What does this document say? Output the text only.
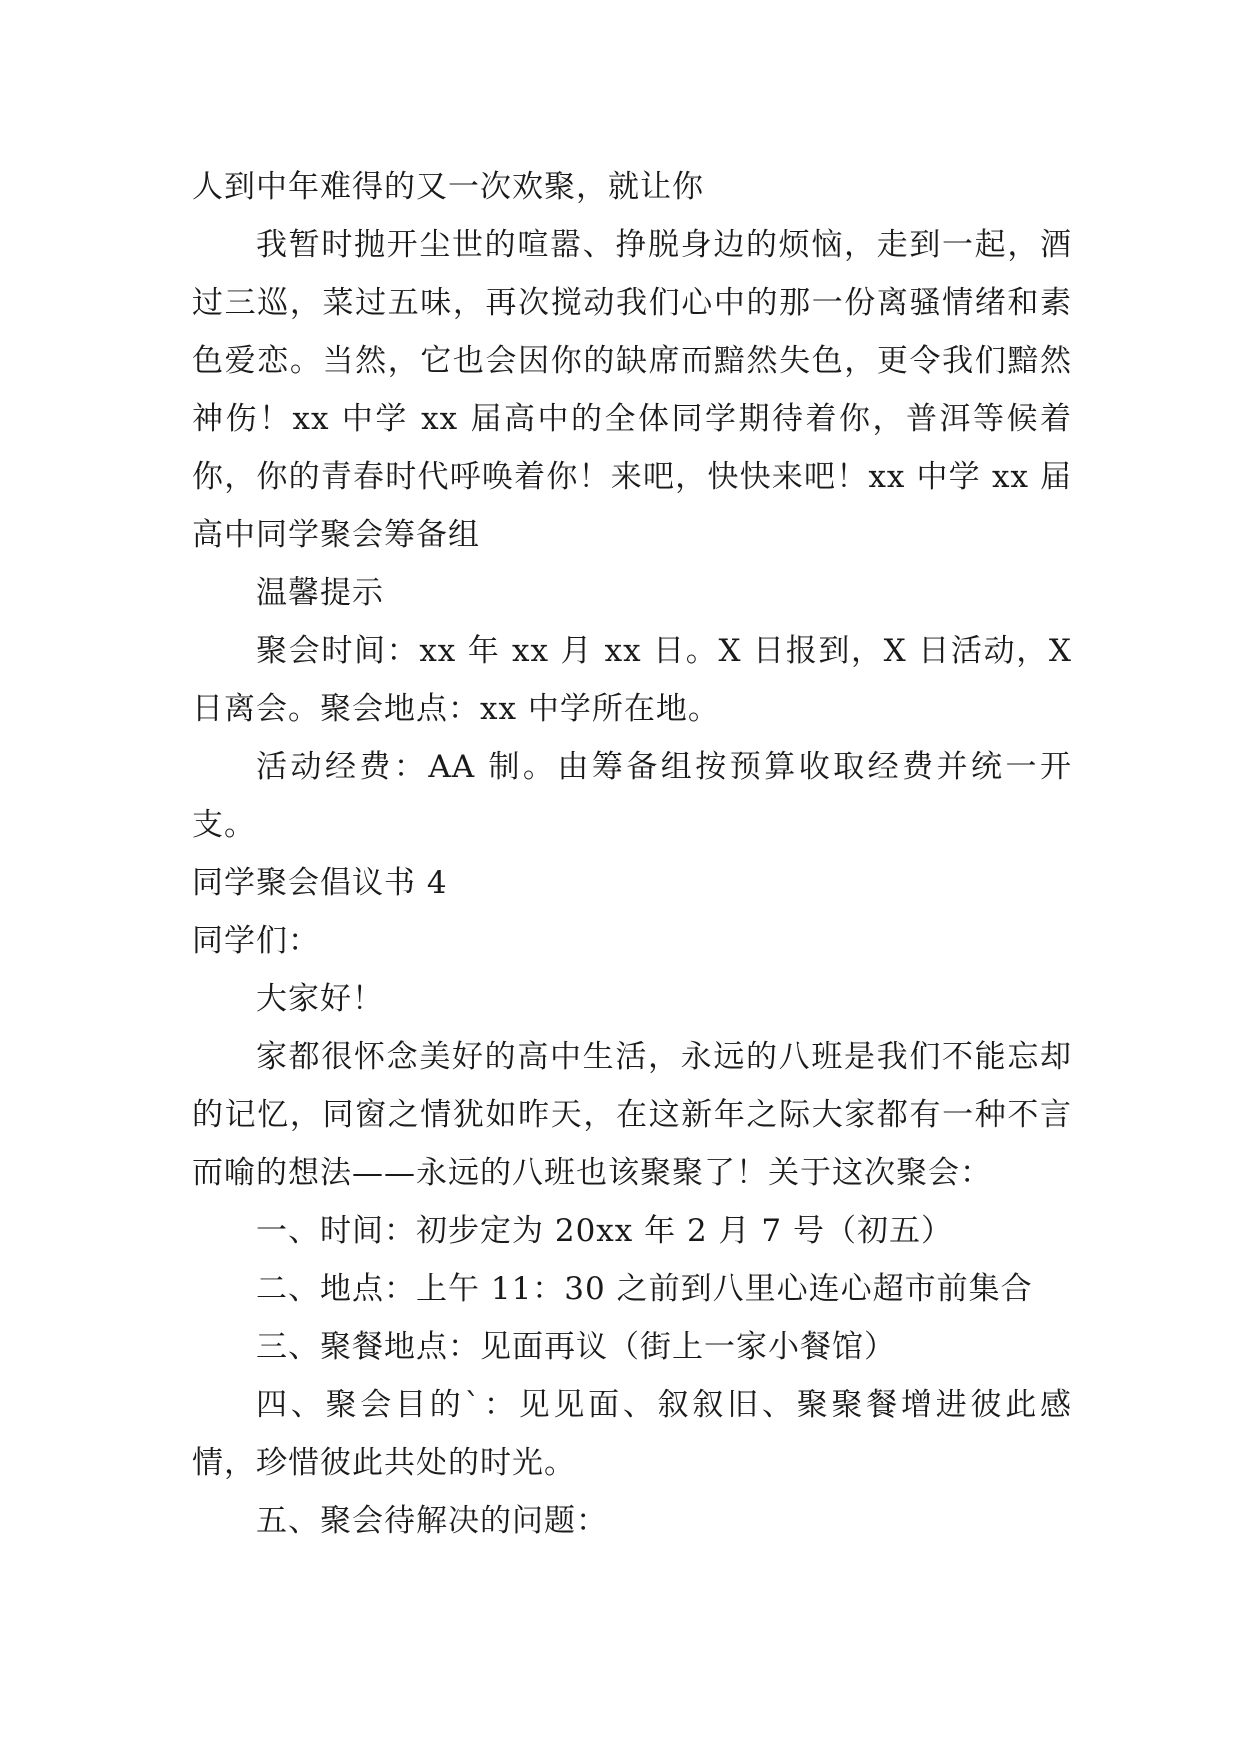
人到中年难得的又一次欢聚，就让你

我暂时抛开尘世的喧嚣、挣脱身边的烦恼，走到一起，酒过三巡，菜过五味，再次搅动我们心中的那一份离骚情绪和素色爱恋。当然，它也会因你的缺席而黯然失色，更令我们黯然神伤！xx 中学 xx 届高中的全体同学期待着你，普洱等候着你，你的青春时代呼唤着你！来吧，快快来吧！xx 中学 xx 届高中同学聚会筹备组

温馨提示

聚会时间：xx 年 xx 月 xx 日。X 日报到，X 日活动，X 日离会。聚会地点：xx 中学所在地。

活动经费：AA 制。由筹备组按预算收取经费并统一开支。

同学聚会倡议书 4

同学们：

大家好！

家都很怀念美好的高中生活，永远的八班是我们不能忘却的记忆，同窗之情犹如昨天，在这新年之际大家都有一种不言而喻的想法——永远的八班也该聚聚了！关于这次聚会：

一、时间：初步定为 20xx 年 2 月 7 号（初五）

二、地点：上午 11：30 之前到八里心连心超市前集合

三、聚餐地点：见面再议（街上一家小餐馆）

四、聚会目的`：见见面、叙叙旧、聚聚餐增进彼此感情，珍惜彼此共处的时光。

五、聚会待解决的问题：
